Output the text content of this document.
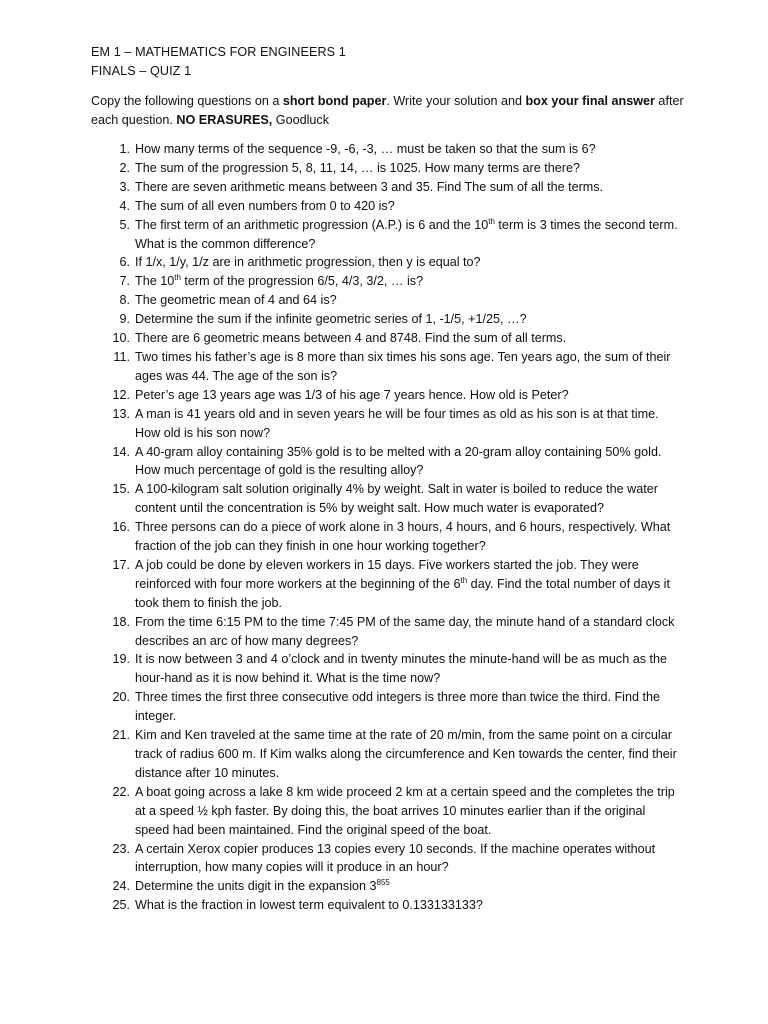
EM 1 – MATHEMATICS FOR ENGINEERS 1
FINALS – QUIZ 1
Copy the following questions on a short bond paper. Write your solution and box your final answer after each question. NO ERASURES, Goodluck
1. How many terms of the sequence -9, -6, -3, … must be taken so that the sum is 6?
2. The sum of the progression 5, 8, 11, 14, … is 1025. How many terms are there?
3. There are seven arithmetic means between 3 and 35. Find The sum of all the terms.
4. The sum of all even numbers from 0 to 420 is?
5. The first term of an arithmetic progression (A.P.) is 6 and the 10th term is 3 times the second term. What is the common difference?
6. If 1/x, 1/y, 1/z are in arithmetic progression, then y is equal to?
7. The 10th term of the progression 6/5, 4/3, 3/2, … is?
8. The geometric mean of 4 and 64 is?
9. Determine the sum if the infinite geometric series of 1, -1/5, +1/25, …?
10. There are 6 geometric means between 4 and 8748. Find the sum of all terms.
11. Two times his father’s age is 8 more than six times his sons age. Ten years ago, the sum of their ages was 44. The age of the son is?
12. Peter’s age 13 years age was 1/3 of his age 7 years hence. How old is Peter?
13. A man is 41 years old and in seven years he will be four times as old as his son is at that time. How old is his son now?
14. A 40-gram alloy containing 35% gold is to be melted with a 20-gram alloy containing 50% gold. How much percentage of gold is the resulting alloy?
15. A 100-kilogram salt solution originally 4% by weight. Salt in water is boiled to reduce the water content until the concentration is 5% by weight salt. How much water is evaporated?
16. Three persons can do a piece of work alone in 3 hours, 4 hours, and 6 hours, respectively. What fraction of the job can they finish in one hour working together?
17. A job could be done by eleven workers in 15 days. Five workers started the job. They were reinforced with four more workers at the beginning of the 6th day. Find the total number of days it took them to finish the job.
18. From the time 6:15 PM to the time 7:45 PM of the same day, the minute hand of a standard clock describes an arc of how many degrees?
19. It is now between 3 and 4 o’clock and in twenty minutes the minute-hand will be as much as the hour-hand as it is now behind it. What is the time now?
20. Three times the first three consecutive odd integers is three more than twice the third. Find the integer.
21. Kim and Ken traveled at the same time at the rate of 20 m/min, from the same point on a circular track of radius 600 m. If Kim walks along the circumference and Ken towards the center, find their distance after 10 minutes.
22. A boat going across a lake 8 km wide proceed 2 km at a certain speed and the completes the trip at a speed ½ kph faster. By doing this, the boat arrives 10 minutes earlier than if the original speed had been maintained. Find the original speed of the boat.
23. A certain Xerox copier produces 13 copies every 10 seconds. If the machine operates without interruption, how many copies will it produce in an hour?
24. Determine the units digit in the expansion $3^{855}$
25. What is the fraction in lowest term equivalent to 0.133133133?
